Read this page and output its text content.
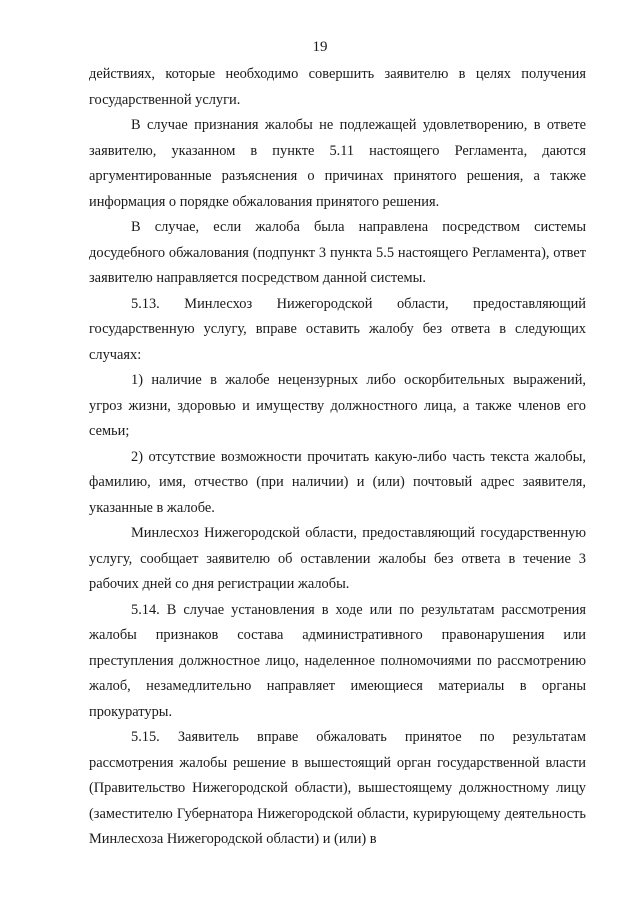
19

действиях, которые необходимо совершить заявителю в целях получения государственной услуги.

В случае признания жалобы не подлежащей удовлетворению, в ответе заявителю, указанном в пункте 5.11 настоящего Регламента, даются аргументированные разъяснения о причинах принятого решения, а также информация о порядке обжалования принятого решения.

В случае, если жалоба была направлена посредством системы досудебного обжалования (подпункт 3 пункта 5.5 настоящего Регламента), ответ заявителю направляется посредством данной системы.

5.13. Минлесхоз Нижегородской области, предоставляющий государственную услугу, вправе оставить жалобу без ответа в следующих случаях:

1) наличие в жалобе нецензурных либо оскорбительных выражений, угроз жизни, здоровью и имуществу должностного лица, а также членов его семьи;

2) отсутствие возможности прочитать какую-либо часть текста жалобы, фамилию, имя, отчество (при наличии) и (или) почтовый адрес заявителя, указанные в жалобе.

Минлесхоз Нижегородской области, предоставляющий государственную услугу, сообщает заявителю об оставлении жалобы без ответа в течение 3 рабочих дней со дня регистрации жалобы.

5.14. В случае установления в ходе или по результатам рассмотрения жалобы признаков состава административного правонарушения или преступления должностное лицо, наделенное полномочиями по рассмотрению жалоб, незамедлительно направляет имеющиеся материалы в органы прокуратуры.

5.15. Заявитель вправе обжаловать принятое по результатам рассмотрения жалобы решение в вышестоящий орган государственной власти (Правительство Нижегородской области), вышестоящему должностному лицу (заместителю Губернатора Нижегородской области, курирующему деятельность Минлесхоза Нижегородской области) и (или) в
